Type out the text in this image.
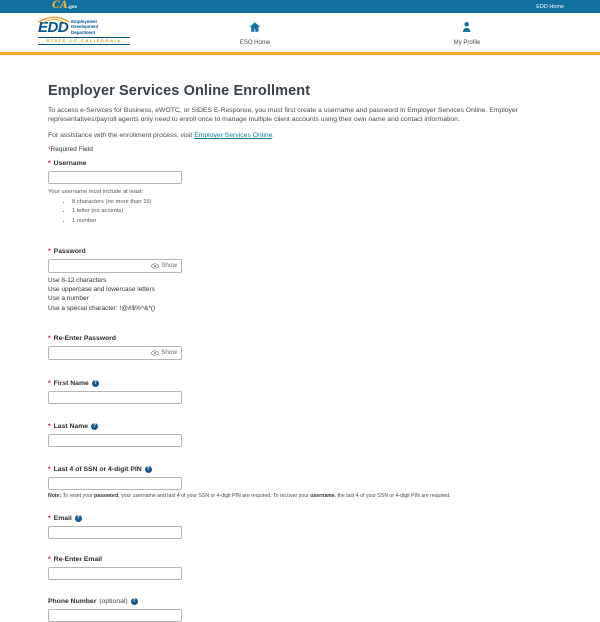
CA.gov	EDD Home
EDD Employment
Development
Department
STATE OF CALIFORNIA	ESO Home	My Profile
Employer Services Online Enrollment

To access e-Services for Business, eWOTC, or SIDES E-Response, you must first create a username and password in Employer Services Online. Employer representatives/payroll agents only need to enroll once to manage multiple client accounts using their own name and contact information.

For assistance with the enrollment process, visit Employer Services Online.

*Required Field

* Username
Your username must include at least:
• 8 characters (no more than 15)
• 1 letter (no accents)
• 1 number
* Password
Show
Use 8-12 characters
Use uppercase and lowercase letters
Use a number
Use a special character: !@#$%^&*()
* Re-Enter Password
Show
* First Name ?
* Last Name ?
* Last 4 of SSN or 4-digit PIN ?
Note: To reset your password, your username and last 4 of your SSN or 4-digit PIN are required. To recover your username, the last 4 of your SSN or 4-digit PIN are required.
* Email ?
* Re-Enter Email
Phone Number (optional) ?
